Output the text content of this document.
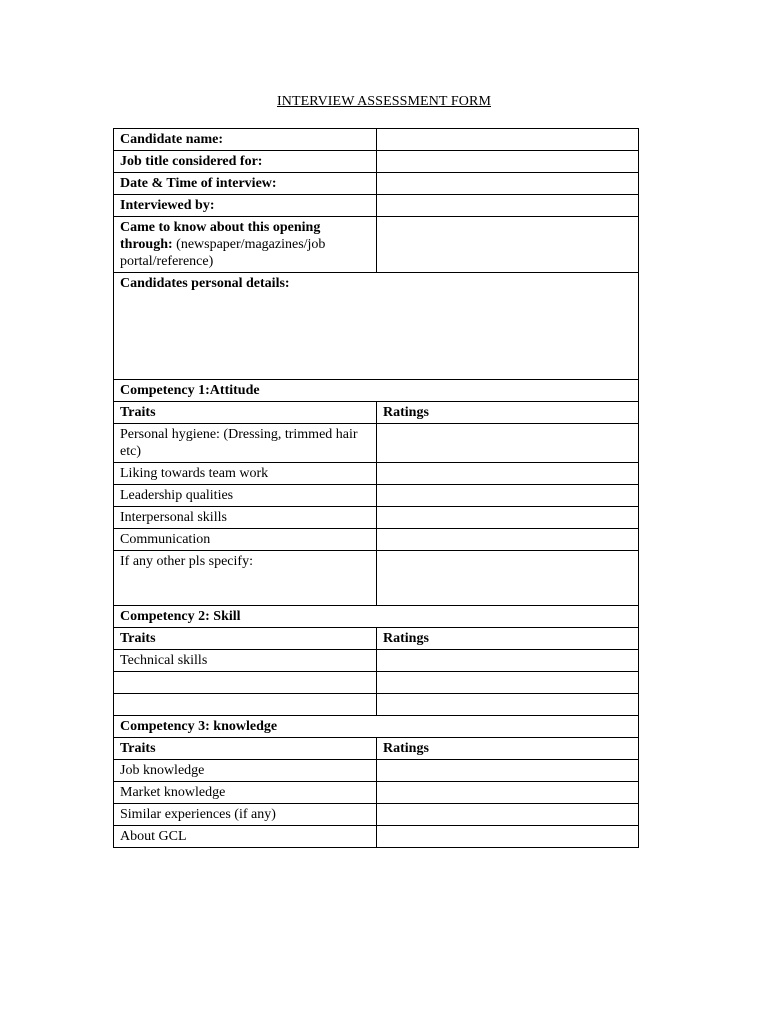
INTERVIEW ASSESSMENT FORM
Candidate name:	
Job title considered for:	
Date & Time of interview:	
Interviewed by:	
Came to know about this opening through: (newspaper/magazines/job portal/reference)	
Candidates personal details:	
Competency 1:Attitude	
Traits	Ratings
Personal hygiene: (Dressing, trimmed hair etc)	
Liking towards team work	
Leadership qualities	
Interpersonal skills	
Communication	
If any other pls specify:	
Competency 2: Skill	
Traits	Ratings
Technical skills	

Competency 3: knowledge	
Traits	Ratings
Job knowledge	
Market knowledge	
Similar experiences (if any)	
About GCL	
